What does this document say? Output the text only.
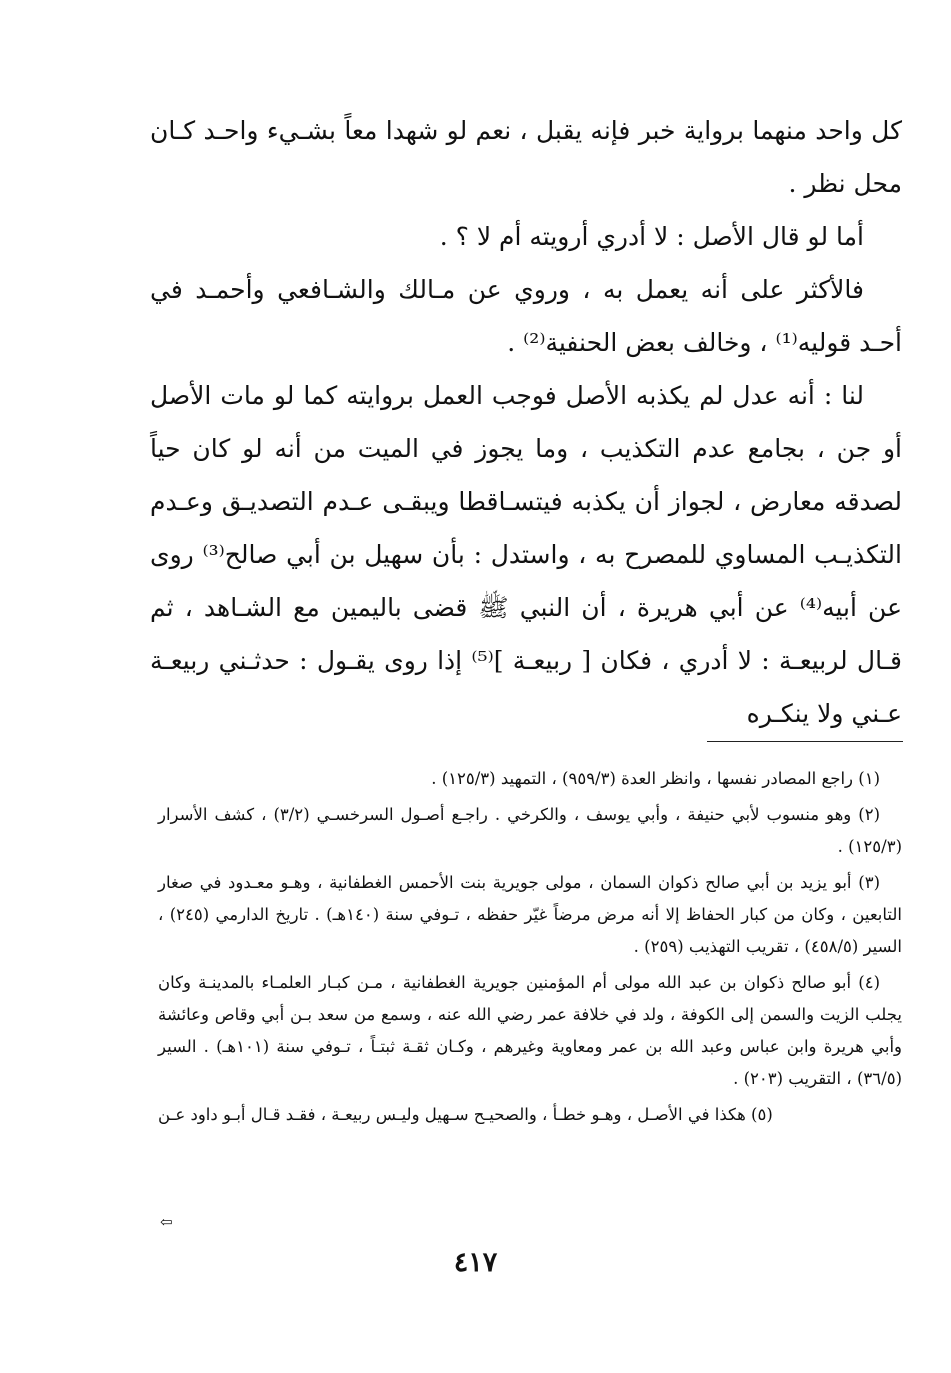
كل واحد منهما برواية خبر فإنه يقبل ، نعم لو شهدا معاً بشـيء واحـد كـان محل نظر .

أما لو قال الأصل : لا أدري أرويته أم لا ؟ .

فالأكثر على أنه يعمل به ، وروي عن مـالك والشـافعي وأحمـد في أحـد قوليه⁽¹⁾ ، وخالف بعض الحنفية⁽²⁾ .

لنا : أنه عدل لم يكذبه الأصل فوجب العمل بروايته كما لو مات الأصل أو جن ، بجامع عدم التكذيب ، وما يجوز في الميت من أنه لو كان حياً لصدقه معارض ، لجواز أن يكذبه فيتسـاقطا ويبقـى عـدم التصديـق وعـدم التكذيـب المساوي للمصرح به ، واستدل : بأن سهيل بن أبي صالح⁽³⁾ روى عن أبيه⁽⁴⁾ عن أبي هريرة ، أن النبي ﷺ قضى باليمين مع الشـاهد ، ثم قـال لربيعـة : لا أدري ، فكان [ ربيعـة ]⁽⁵⁾ إذا روى يقـول : حدثـني ربيعـة عـني ولا ينكـره

(١) راجع المصادر نفسها ، وانظر العدة (٩٥٩/٣) ، التمهيد (١٢٥/٣) .

(٢) وهو منسوب لأبي حنيفة ، وأبي يوسف ، والكرخي . راجـع أصـول السرخسـي (٣/٢) ، كشف الأسرار (١٢٥/٣) .

(٣) أبو يزيد بن أبي صالح ذكوان السمان ، مولى جويرية بنت الأحمس الغطفانية ، وهـو معـدود في صغار التابعين ، وكان من كبار الحفاظ إلا أنه مرض مرضاً غيّر حفظه ، تـوفي سنة (١٤٠هـ) . تاريخ الدارمي (٢٤٥) ، السير (٤٥٨/٥) ، تقريب التهذيب (٢٥٩) .

(٤) أبو صالح ذكوان بن عبد الله مولى أم المؤمنين جويرية الغطفانية ، مـن كبـار العلمـاء بالمدينـة وكان يجلب الزيت والسمن إلى الكوفة ، ولد في خلافة عمر رضي الله عنه ، وسمع من سعد بـن أبي وقاص وعائشة وأبي هريرة وابن عباس وعبد الله بن عمر ومعاوية وغيرهم ، وكـان ثقـة ثبتـاً ، تـوفي سنة (١٠١هـ) . السير (٣٦/٥) ، التقريب (٢٠٣) .

(٥) هكذا في الأصـل ، وهـو خطـأ ، والصحيـح سـهيل وليـس ربيعـة ، فقـد قـال أبـو داود عـن

⇦
٤١٧
